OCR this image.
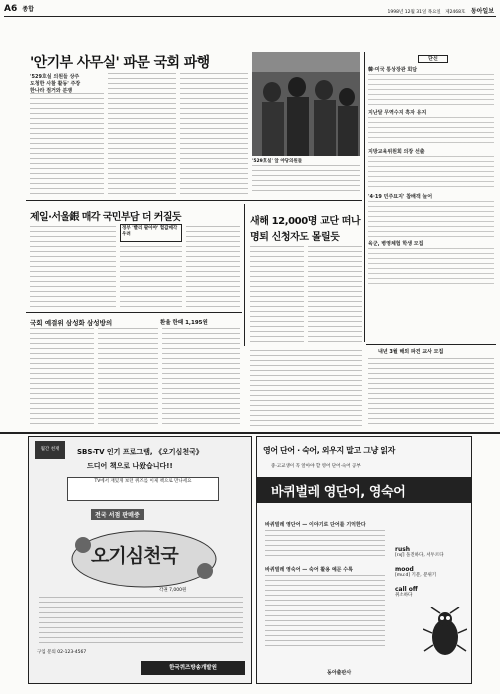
A6 종합	1998년 12월 31일 목요일 제2468호 동아일보
'안기부 사무실' 파문 국회 파행
'529호실 의원들 상주
도청한 사찰 활동' 주장
한나라 점거와 분쟁
'529호실' 앞 야당의원들
단신
韓·미국 통상장관 회담
지난달 무역수지 흑자 유지
지방교육위원회 의장 선출
'4·19 민주묘지' 참배객 늘어
육군, 병영체험 학생 모집
제일·서울銀 매각 국민부담 더 커질듯
정부 '빨리 팔아야' 헐값매각 우려
새해 12,000명 교단 떠나
명퇴 신청자도 몰릴듯
국회 예결위 삼성화 삼성방의	환율 한때 1,195원
내년 3월 해외 파견 교사 모집
월간 천재	SBS-TV 인기 프로그램, 《오기심천국》
드디어 책으로 나왔습니다!!
TV에서 재밌게 보던 퀴즈를 이제 책으로 만나세요
전국 서점 판매중
오기심천국
각권 7,000원
구입 문의 02-123-4567
한국퀴즈방송개발원
영어 단어 · 숙어, 외우지 말고 그냥 읽자
중·고교생이 꼭 알아야 할 영어 단어·숙어 공부
바퀴벌레 영단어, 영숙어
바퀴벌레 영단어 — 이야기로 단어를 기억한다
바퀴벌레 영숙어 — 숙어 활용 예문 수록
rush
[rʌʃ] 돌진하다, 서두르다
mood
[mu:d] 기분, 분위기
call off
취소하다
동아출판사
